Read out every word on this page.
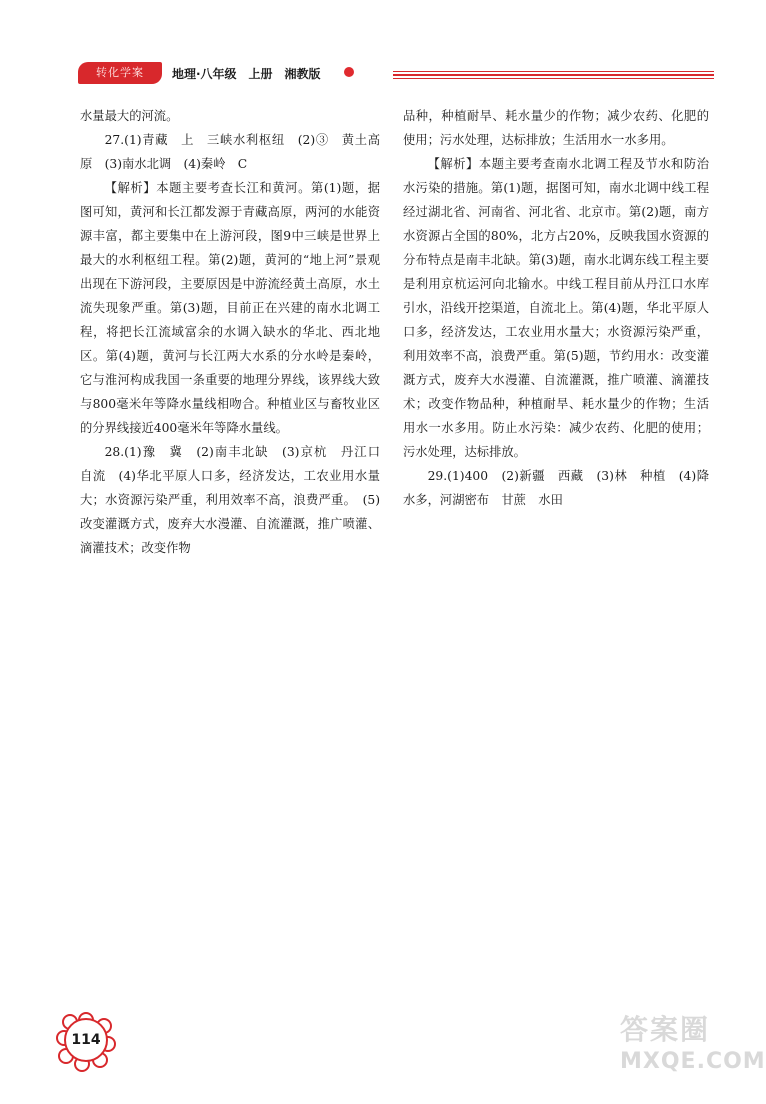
转化学案	地理·八年级　上册　湘教版

水量最大的河流。

27.(1)青藏　上　三峡水利枢纽　(2)③　黄土高原　(3)南水北调　(4)秦岭　C

【解析】本题主要考查长江和黄河。第(1)题，据图可知，黄河和长江都发源于青藏高原，两河的水能资源丰富，都主要集中在上游河段，图9中三峡是世界上最大的水利枢纽工程。第(2)题，黄河的“地上河”景观出现在下游河段，主要原因是中游流经黄土高原，水土流失现象严重。第(3)题，目前正在兴建的南水北调工程，将把长江流域富余的水调入缺水的华北、西北地区。第(4)题，黄河与长江两大水系的分水岭是秦岭，它与淮河构成我国一条重要的地理分界线，该界线大致与800毫米年等降水量线相吻合。种植业区与畜牧业区的分界线接近400毫米年等降水量线。

28.(1)豫　冀　(2)南丰北缺　(3)京杭　丹江口　自流　(4)华北平原人口多，经济发达，工农业用水量大；水资源污染严重，利用效率不高，浪费严重。　(5)改变灌溉方式，废弃大水漫灌、自流灌溉，推广喷灌、滴灌技术；改变作物

品种，种植耐旱、耗水量少的作物；减少农药、化肥的使用；污水处理，达标排放；生活用水一水多用。

【解析】本题主要考查南水北调工程及节水和防治水污染的措施。第(1)题，据图可知，南水北调中线工程经过湖北省、河南省、河北省、北京市。第(2)题，南方水资源占全国的80%，北方占20%，反映我国水资源的分布特点是南丰北缺。第(3)题，南水北调东线工程主要是利用京杭运河向北输水。中线工程目前从丹江口水库引水，沿线开挖渠道，自流北上。第(4)题，华北平原人口多，经济发达，工农业用水量大；水资源污染严重，利用效率不高，浪费严重。第(5)题，节约用水：改变灌溉方式，废弃大水漫灌、自流灌溉，推广喷灌、滴灌技术；改变作物品种，种植耐旱、耗水量少的作物；生活用水一水多用。防止水污染：减少农药、化肥的使用；污水处理，达标排放。

29.(1)400　(2)新疆　西藏　(3)林　种植　(4)降水多，河湖密布　甘蔗　水田

114	答案圈
MXQE.COM
